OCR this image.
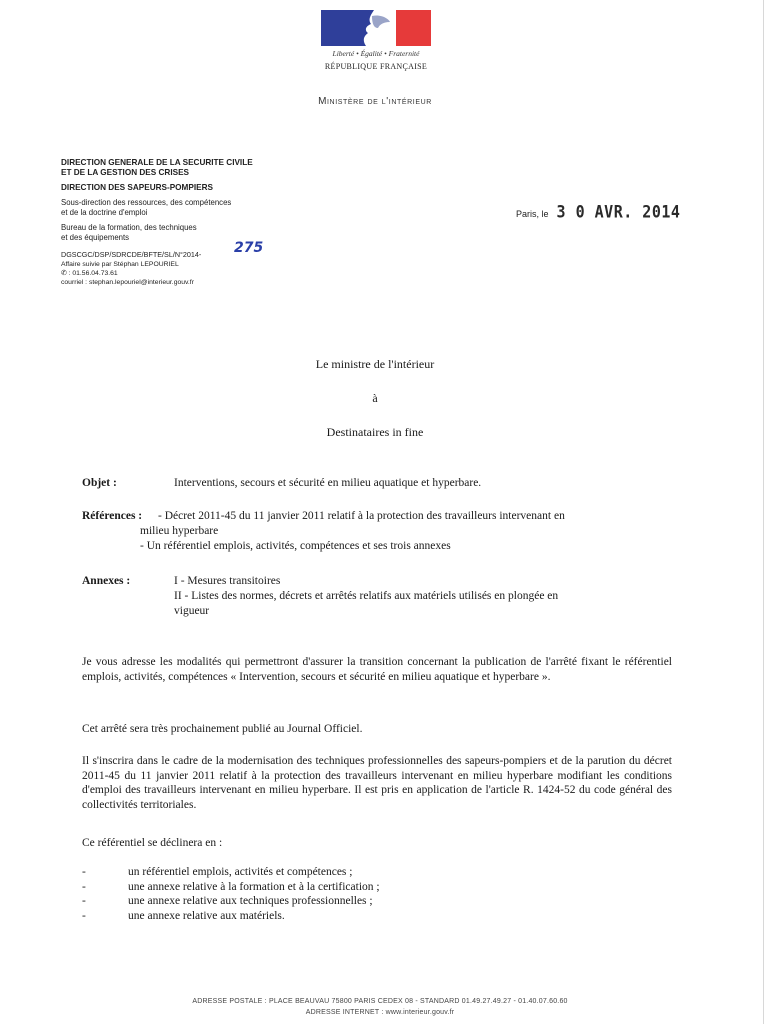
Liberté • Égalité • Fraternité
RÉPUBLIQUE FRANÇAISE
Ministère de l'intérieur
DIRECTION GENERALE DE LA SECURITE CIVILE
ET DE LA GESTION DES CRISES
DIRECTION DES SAPEURS-POMPIERS
Sous-direction des ressources, des compétences
et de la doctrine d'emploi
Bureau de la formation, des techniques
et des équipements
DGSCGC/DSP/SDRCDE/BFTE/SL/N°2014- 275
Affaire suivie par Stéphan LEPOURIEL
✆ : 01.56.04.73.61
courriel : stephan.lepouriel@interieur.gouv.fr
Paris, le 3 0 AVR. 2014
Le ministre de l'intérieur
à
Destinataires in fine
Objet :	Interventions, secours et sécurité en milieu aquatique et hyperbare.
Références : - Décret 2011-45 du 11 janvier 2011 relatif à la protection des travailleurs intervenant en
milieu hyperbare
- Un référentiel emplois, activités, compétences et ses trois annexes
Annexes :	I - Mesures transitoires
II - Listes des normes, décrets et arrêtés relatifs aux matériels utilisés en plongée en
vigueur
Je vous adresse les modalités qui permettront d'assurer la transition concernant la publication de l'arrêté fixant le référentiel emplois, activités, compétences « Intervention, secours et sécurité en milieu aquatique et hyperbare ».
Cet arrêté sera très prochainement publié au Journal Officiel.
Il s'inscrira dans le cadre de la modernisation des techniques professionnelles des sapeurs-pompiers et de la parution du décret 2011-45 du 11 janvier 2011 relatif à la protection des travailleurs intervenant en milieu hyperbare modifiant les conditions d'emploi des travailleurs intervenant en milieu hyperbare. Il est pris en application de l'article R. 1424-52 du code général des collectivités territoriales.
Ce référentiel se déclinera en :
-	un référentiel emplois, activités et compétences ;
-	une annexe relative à la formation et à la certification ;
-	une annexe relative aux techniques professionnelles ;
-	une annexe relative aux matériels.
ADRESSE POSTALE : PLACE BEAUVAU 75800 PARIS CEDEX 08 - STANDARD 01.49.27.49.27 - 01.40.07.60.60
ADRESSE INTERNET : www.interieur.gouv.fr
